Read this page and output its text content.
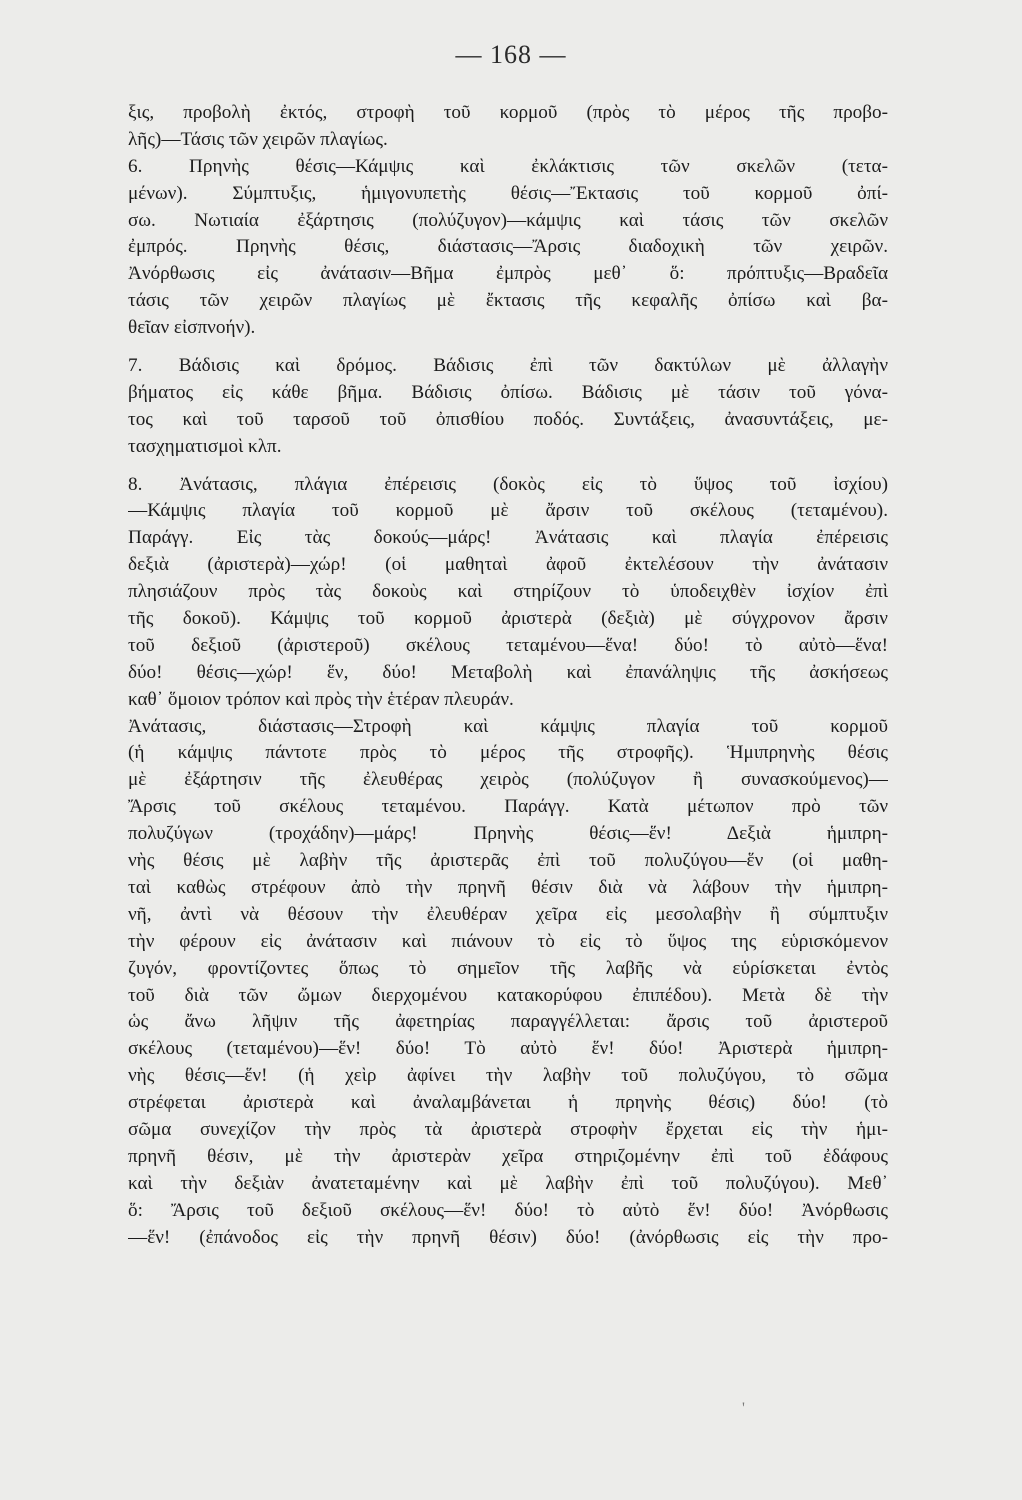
— 168 —
ξις, προβολὴ ἐκτός, στροφὴ τοῦ κορμοῦ (πρὸς τὸ μέρος τῆς προβο-
λῆς)—Τάσις τῶν χειρῶν πλαγίως.
6. Πρηνὴς θέσις—Κάμψις καὶ ἐκλάκτισις τῶν σκελῶν (τετα-
μένων). Σύμπτυξις, ἡμιγονυπετὴς θέσις—Ἔκτασις τοῦ κορμοῦ ὀπί-
σω. Νωτιαία ἐξάρτησις (πολύζυγον)—κάμψις καὶ τάσις τῶν σκελῶν
ἐμπρός. Πρηνὴς θέσις, διάστασις—Ἄρσις διαδοχικὴ τῶν χειρῶν.
Ἀνόρθωσις εἰς ἀνάτασιν—Βῆμα ἐμπρὸς μεθ᾽ ὅ: πρόπτυξις—Βραδεῖα
τάσις τῶν χειρῶν πλαγίως μὲ ἔκτασις τῆς κεφαλῆς ὀπίσω καὶ βα-
θεῖαν εἰσπνοήν).
7. Βάδισις καὶ δρόμος. Βάδισις ἐπὶ τῶν δακτύλων μὲ ἀλλαγὴν
βήματος εἰς κάθε βῆμα. Βάδισις ὀπίσω. Βάδισις μὲ τάσιν τοῦ γόνα-
τος καὶ τοῦ ταρσοῦ τοῦ ὀπισθίου ποδός. Συντάξεις, ἀνασυντάξεις, με-
τασχηματισμοὶ κλπ.
8. Ἀνάτασις, πλάγια ἐπέρεισις (δοκὸς εἰς τὸ ὕψος τοῦ ἰσχίου)
—Κάμψις πλαγία τοῦ κορμοῦ μὲ ἄρσιν τοῦ σκέλους (τεταμένου).
Παράγγ. Εἰς τὰς δοκούς—μάρς! Ἀνάτασις καὶ πλαγία ἐπέρεισις
δεξιὰ (ἀριστερὰ)—χώρ! (οἱ μαθηταὶ ἀφοῦ ἐκτελέσουν τὴν ἀνάτασιν
πλησιάζουν πρὸς τὰς δοκοὺς καὶ στηρίζουν τὸ ὑποδειχθὲν ἰσχίον ἐπὶ
τῆς δοκοῦ). Κάμψις τοῦ κορμοῦ ἀριστερὰ (δεξιὰ) μὲ σύγχρονον ἄρσιν
τοῦ δεξιοῦ (ἀριστεροῦ) σκέλους τεταμένου—ἕνα! δύο! τὸ αὐτὸ—ἕνα!
δύο! θέσις—χώρ! ἕν, δύο! Μεταβολὴ καὶ ἐπανάληψις τῆς ἀσκήσεως
καθ᾽ ὅμοιον τρόπον καὶ πρὸς τὴν ἑτέραν πλευράν.
Ἀνάτασις, διάστασις—Στροφὴ καὶ κάμψις πλαγία τοῦ κορμοῦ
(ἡ κάμψις πάντοτε πρὸς τὸ μέρος τῆς στροφῆς). Ἡμιπρηνὴς θέσις
μὲ ἐξάρτησιν τῆς ἐλευθέρας χειρὸς (πολύζυγον ἢ συνασκούμενος)—
Ἄρσις τοῦ σκέλους τεταμένου. Παράγγ. Κατὰ μέτωπον πρὸ τῶν
πολυζύγων (τροχάδην)—μάρς! Πρηνὴς θέσις—ἕν! Δεξιὰ ἡμιπρη-
νὴς θέσις μὲ λαβὴν τῆς ἀριστερᾶς ἐπὶ τοῦ πολυζύγου—ἕν (οἱ μαθη-
ταὶ καθὼς στρέφουν ἀπὸ τὴν πρηνῆ θέσιν διὰ νὰ λάβουν τὴν ἡμιπρη-
νῆ, ἀντὶ νὰ θέσουν τὴν ἐλευθέραν χεῖρα εἰς μεσολαβὴν ἢ σύμπτυξιν
τὴν φέρουν εἰς ἀνάτασιν καὶ πιάνουν τὸ εἰς τὸ ὕψος της εὑρισκόμενον
ζυγόν, φροντίζοντες ὅπως τὸ σημεῖον τῆς λαβῆς νὰ εὑρίσκεται ἐντὸς
τοῦ διὰ τῶν ὤμων διερχομένου κατακορύφου ἐπιπέδου). Μετὰ δὲ τὴν
ὡς ἄνω λῆψιν τῆς ἀφετηρίας παραγγέλλεται: ἄρσις τοῦ ἀριστεροῦ
σκέλους (τεταμένου)—ἕν! δύο! Τὸ αὐτὸ ἕν! δύο! Ἀριστερὰ ἡμιπρη-
νὴς θέσις—ἕν! (ἡ χεὶρ ἀφίνει τὴν λαβὴν τοῦ πολυζύγου, τὸ σῶμα
στρέφεται ἀριστερὰ καὶ ἀναλαμβάνεται ἡ πρηνὴς θέσις) δύο! (τὸ
σῶμα συνεχίζον τὴν πρὸς τὰ ἀριστερὰ στροφὴν ἔρχεται εἰς τὴν ἡμι-
πρηνῆ θέσιν, μὲ τὴν ἀριστερὰν χεῖρα στηριζομένην ἐπὶ τοῦ ἐδάφους
καὶ τὴν δεξιὰν ἀνατεταμένην καὶ μὲ λαβὴν ἐπὶ τοῦ πολυζύγου). Μεθ᾽
ὅ: Ἄρσις τοῦ δεξιοῦ σκέλους—ἕν! δύο! τὸ αὐτὸ ἕν! δύο! Ἀνόρθωσις
—ἕν! (ἐπάνοδος εἰς τὴν πρηνῆ θέσιν) δύο! (ἀνόρθωσις εἰς τὴν προ-
'
